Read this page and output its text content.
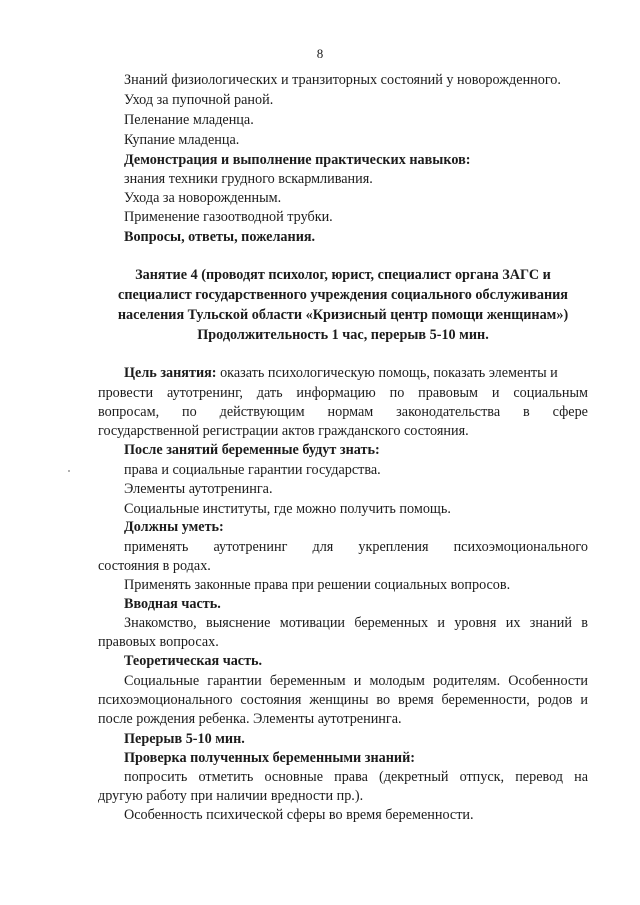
8
Знаний физиологических и транзиторных состояний у новорожденного.
Уход за пупочной раной.
Пеленание младенца.
Купание младенца.
Демонстрация и выполнение практических навыков:
знания техники грудного вскармливания.
Ухода за новорожденным.
Применение газоотводной трубки.
Вопросы, ответы, пожелания.
Занятие 4 (проводят психолог, юрист, специалист органа ЗАГС и
специалист государственного учреждения социального обслуживания
населения Тульской области «Кризисный центр помощи женщинам»)
Продолжительность 1 час, перерыв 5-10 мин.
Цель занятия: оказать психологическую помощь, показать элементы и
провести аутотренинг, дать информацию по правовым и социальным
вопросам, по действующим нормам законодательства в сфере
государственной регистрации актов гражданского состояния.
После занятий беременные будут знать:
права и социальные гарантии государства.
Элементы аутотренинга.
Социальные институты, где можно получить помощь.
Должны уметь:
применять аутотренинг для укрепления психоэмоционального
состояния в родах.
Применять законные права при решении социальных вопросов.
Вводная часть.
Знакомство, выяснение мотивации беременных и уровня их знаний в
правовых вопросах.
Теоретическая часть.
Социальные гарантии беременным и молодым родителям. Особенности
психоэмоционального состояния женщины во время беременности, родов и
после рождения ребенка. Элементы аутотренинга.
Перерыв 5-10 мин.
Проверка полученных беременными знаний:
попросить отметить основные права (декретный отпуск, перевод на
другую работу при наличии вредности пр.).
Особенность психической сферы во время беременности.
